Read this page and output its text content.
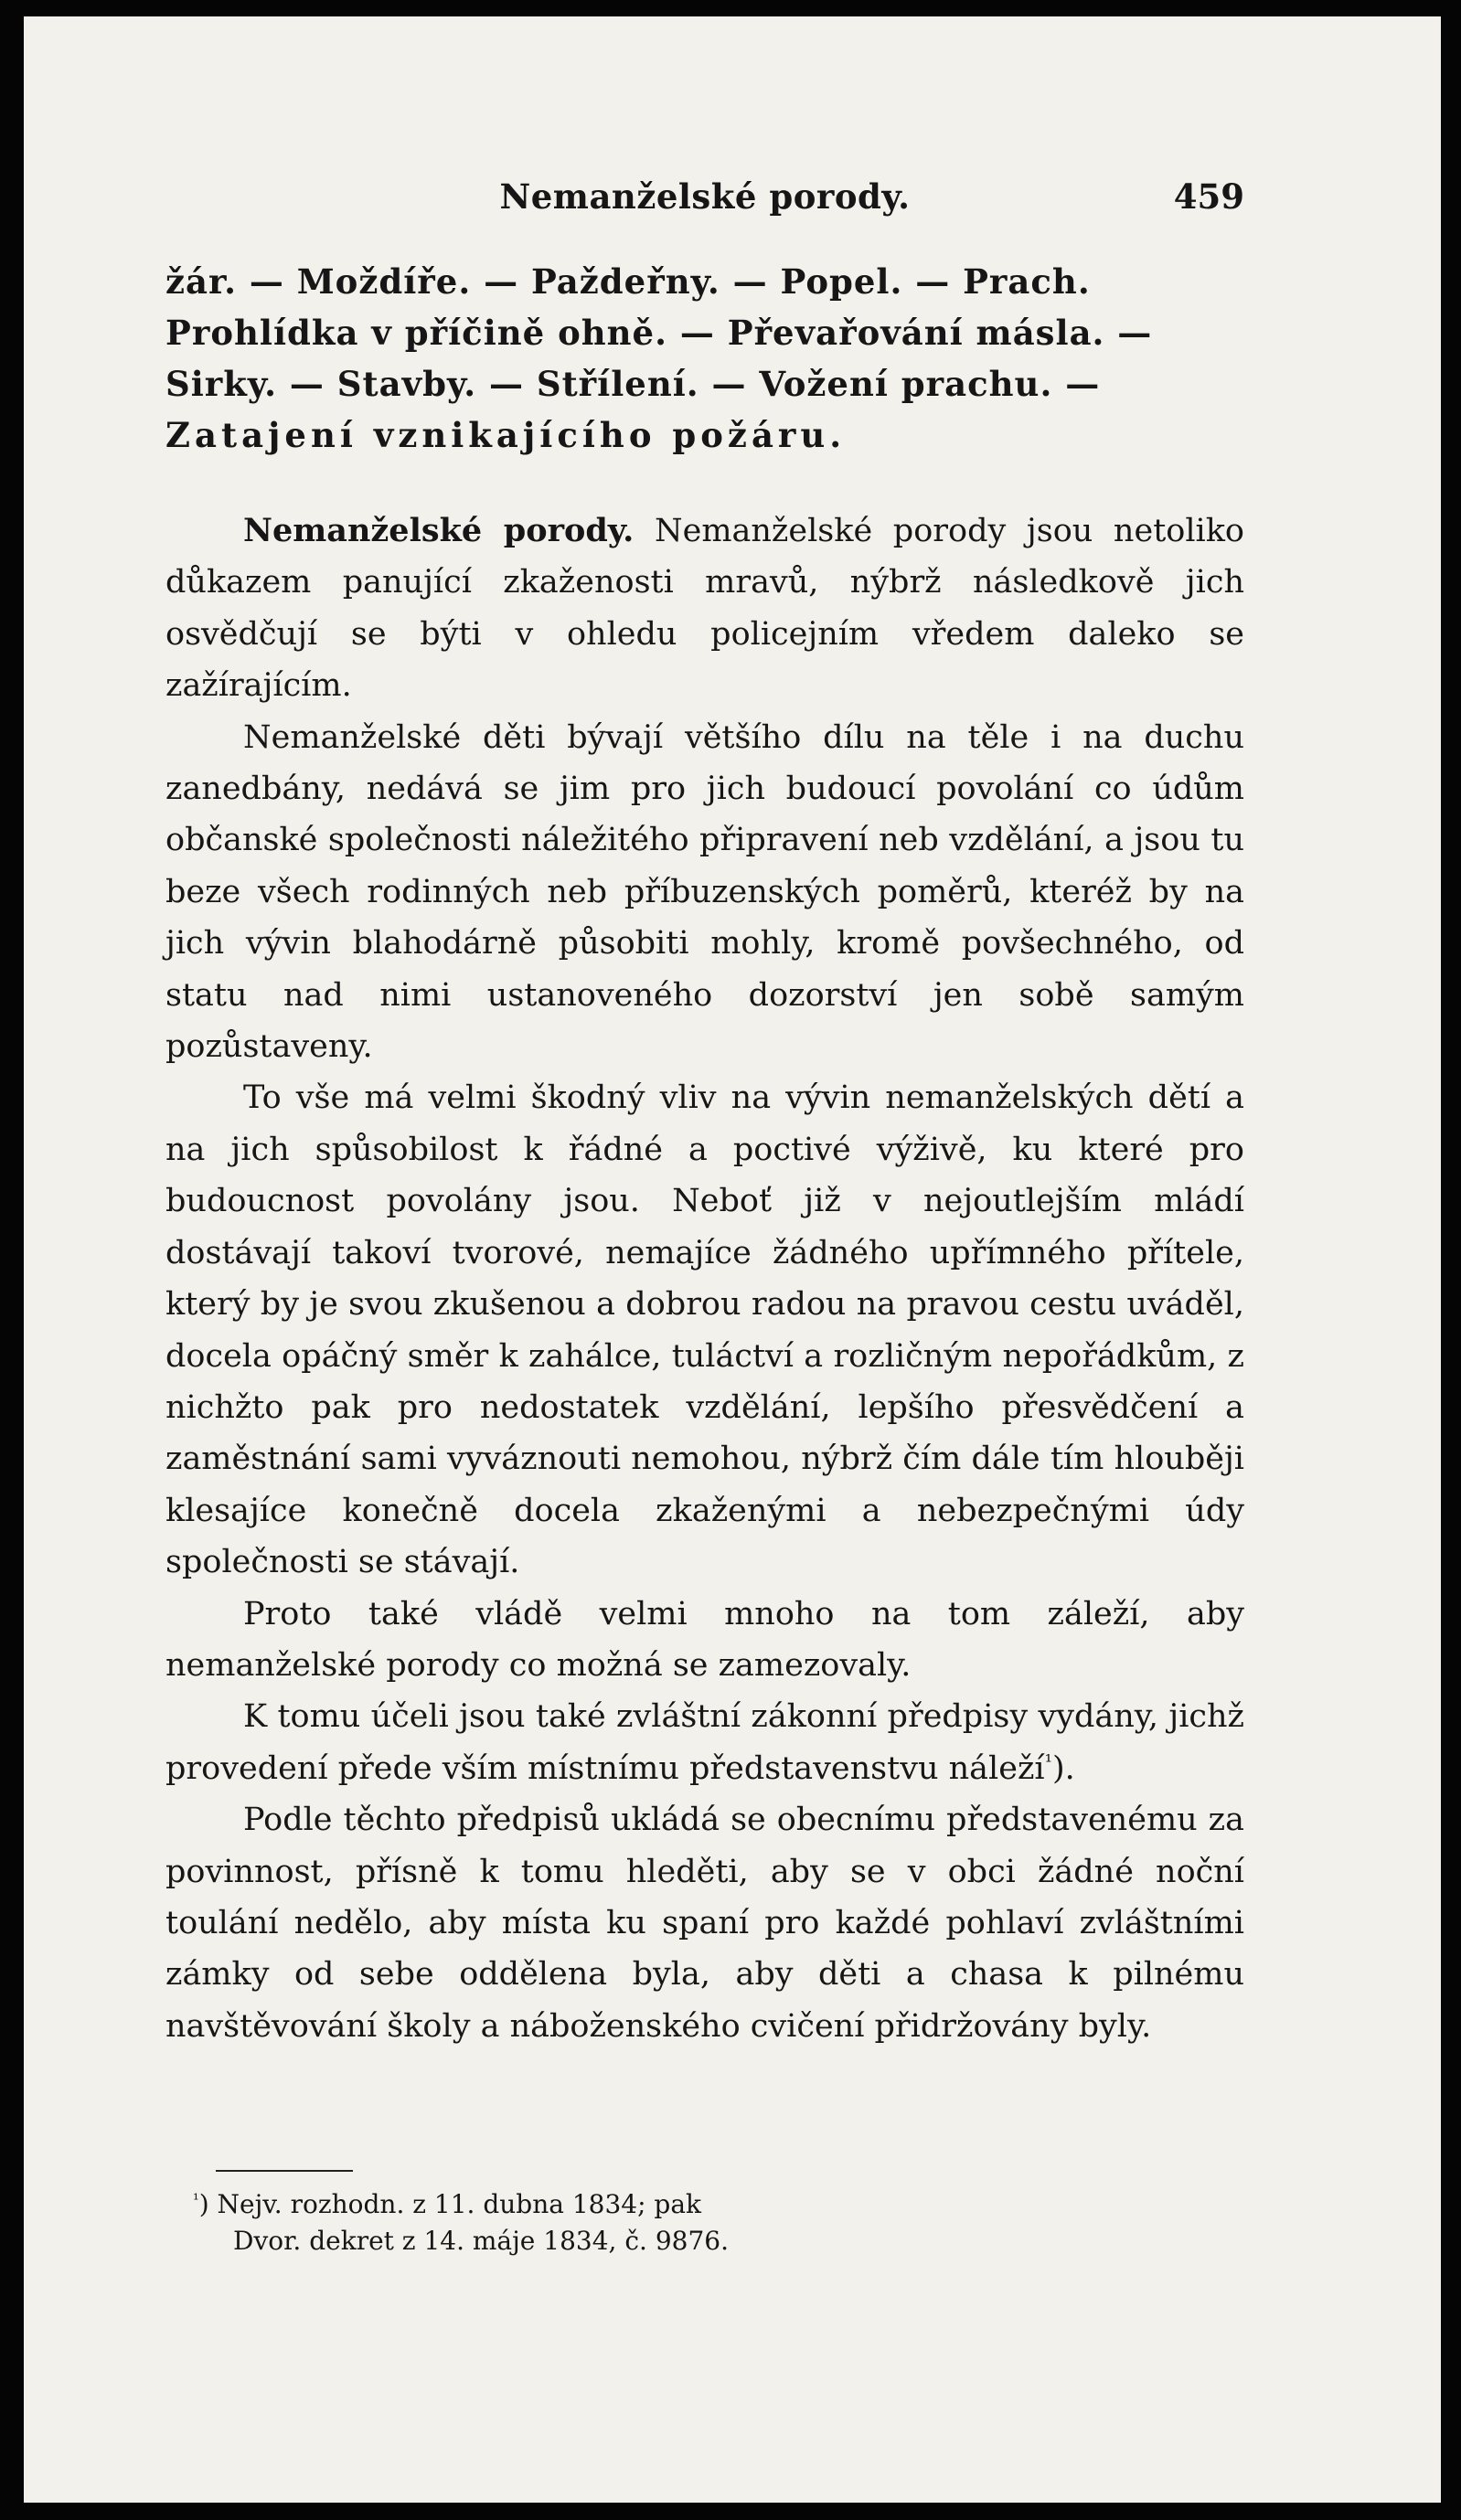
Nemanželské porody.	459
žár. — Moždíře. — Paždeřny. — Popel. — Prach.
Prohlídka v příčině ohně. — Převařování másla. —
Sirky. — Stavby. — Střílení. — Vožení prachu. —
Zatajení vznikajícího požáru.

Nemanželské porody. Nemanželské porody jsou netoliko důkazem panující zkaženosti mravů, nýbrž následkově jich osvědčují se býti v ohledu policejním vředem daleko se zažírajícím.

Nemanželské děti bývají většího dílu na těle i na duchu zanedbány, nedává se jim pro jich budoucí povolání co údům občanské společnosti náležitého připravení neb vzdělání, a jsou tu beze všech rodinných neb příbuzenských poměrů, kteréž by na jich vývin blahodárně působiti mohly, kromě povšechného, od statu nad nimi ustanoveného dozorství jen sobě samým pozůstaveny.

To vše má velmi škodný vliv na vývin nemanželských dětí a na jich spůsobilost k řádné a poctivé výživě, ku které pro budoucnost povolány jsou. Neboť již v nejoutlejším mládí dostávají takoví tvorové, nemajíce žádného upřímného přítele, který by je svou zkušenou a dobrou radou na pravou cestu uváděl, docela opáčný směr k zahálce, tuláctví a rozličným nepořádkům, z nichžto pak pro nedostatek vzdělání, lepšího přesvědčení a zaměstnání sami vyváznouti nemohou, nýbrž čím dále tím hlouběji klesajíce konečně docela zkaženými a nebezpečnými údy společnosti se stávají.

Proto také vládě velmi mnoho na tom záleží, aby nemanželské porody co možná se zamezovaly.

K tomu účeli jsou také zvláštní zákonní předpisy vydány, jichž provedení přede vším místnímu představenstvu náleží$^{^1}$).

Podle těchto předpisů ukládá se obecnímu představenému za povinnost, přísně k tomu hleděti, aby se v obci žádné noční toulání nedělo, aby místa ku spaní pro každé pohlaví zvláštními zámky od sebe oddělena byla, aby děti a chasa k pilnému navštěvování školy a náboženského cvičení přidržovány byly.

$^{^1}$) Nejv. rozhodn. z 11. dubna 1834; pak
Dvor. dekret z 14. máje 1834, č. 9876.
